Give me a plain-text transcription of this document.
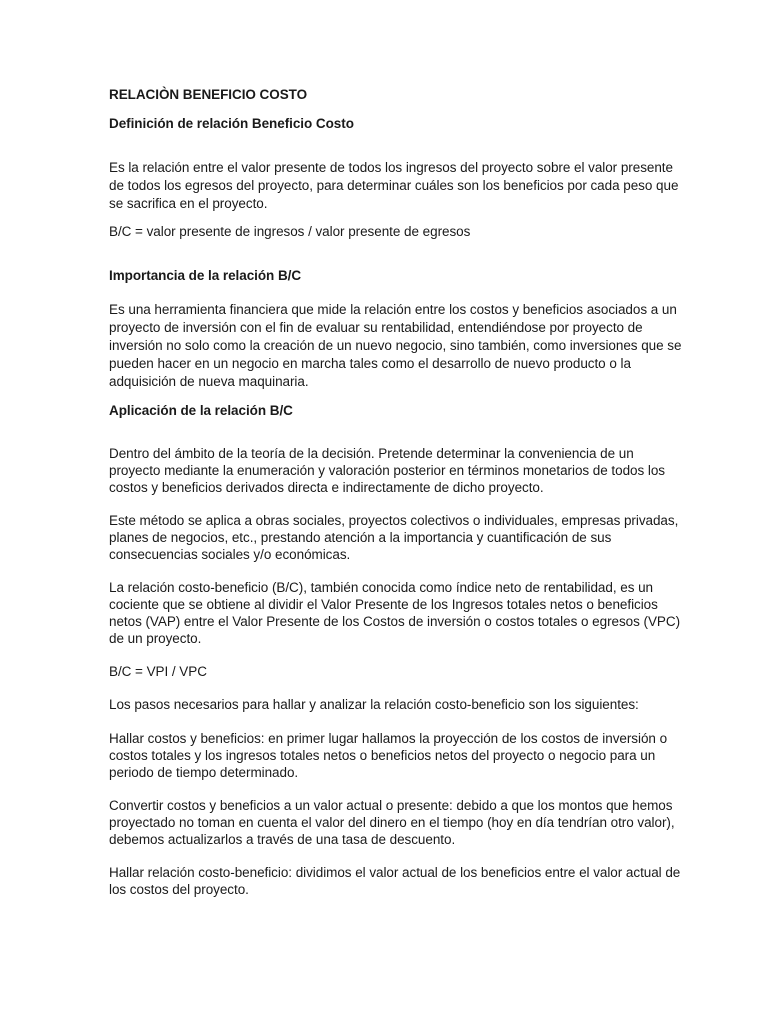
RELACIÒN BENEFICIO COSTO
Definición de relación Beneficio Costo
Es la relación entre el valor presente de todos los ingresos del proyecto sobre el valor presente
de todos los egresos del proyecto, para determinar cuáles son los beneficios por cada peso que
se sacrifica en el proyecto.
B/C = valor presente de ingresos / valor presente de egresos
Importancia de la relación B/C
Es una herramienta financiera que mide la relación entre los costos y beneficios asociados a un
proyecto de inversión con el fin de evaluar su rentabilidad, entendiéndose por proyecto de
inversión no solo como la creación de un nuevo negocio, sino también, como inversiones que se
pueden hacer en un negocio en marcha tales como el desarrollo de nuevo producto o la
adquisición de nueva maquinaria.
Aplicación de la relación B/C
Dentro del ámbito de la teoría de la decisión. Pretende determinar la conveniencia de un
proyecto mediante la enumeración y valoración posterior en términos monetarios de todos los
costos y beneficios derivados directa e indirectamente de dicho proyecto.
Este método se aplica a obras sociales, proyectos colectivos o individuales, empresas privadas,
planes de negocios, etc., prestando atención a la importancia y cuantificación de sus
consecuencias sociales y/o económicas.
La relación costo-beneficio (B/C), también conocida como índice neto de rentabilidad, es un
cociente que se obtiene al dividir el Valor Presente de los Ingresos totales netos o beneficios
netos (VAP) entre el Valor Presente de los Costos de inversión o costos totales o egresos (VPC)
de un proyecto.
B/C = VPI / VPC
Los pasos necesarios para hallar y analizar la relación costo-beneficio son los siguientes:
Hallar costos y beneficios: en primer lugar hallamos la proyección de los costos de inversión o
costos totales y los ingresos totales netos o beneficios netos del proyecto o negocio para un
periodo de tiempo determinado.
Convertir costos y beneficios a un valor actual o presente: debido a que los montos que hemos
proyectado no toman en cuenta el valor del dinero en el tiempo (hoy en día tendrían otro valor),
debemos actualizarlos a través de una tasa de descuento.
Hallar relación costo-beneficio: dividimos el valor actual de los beneficios entre el valor actual de
los costos del proyecto.
